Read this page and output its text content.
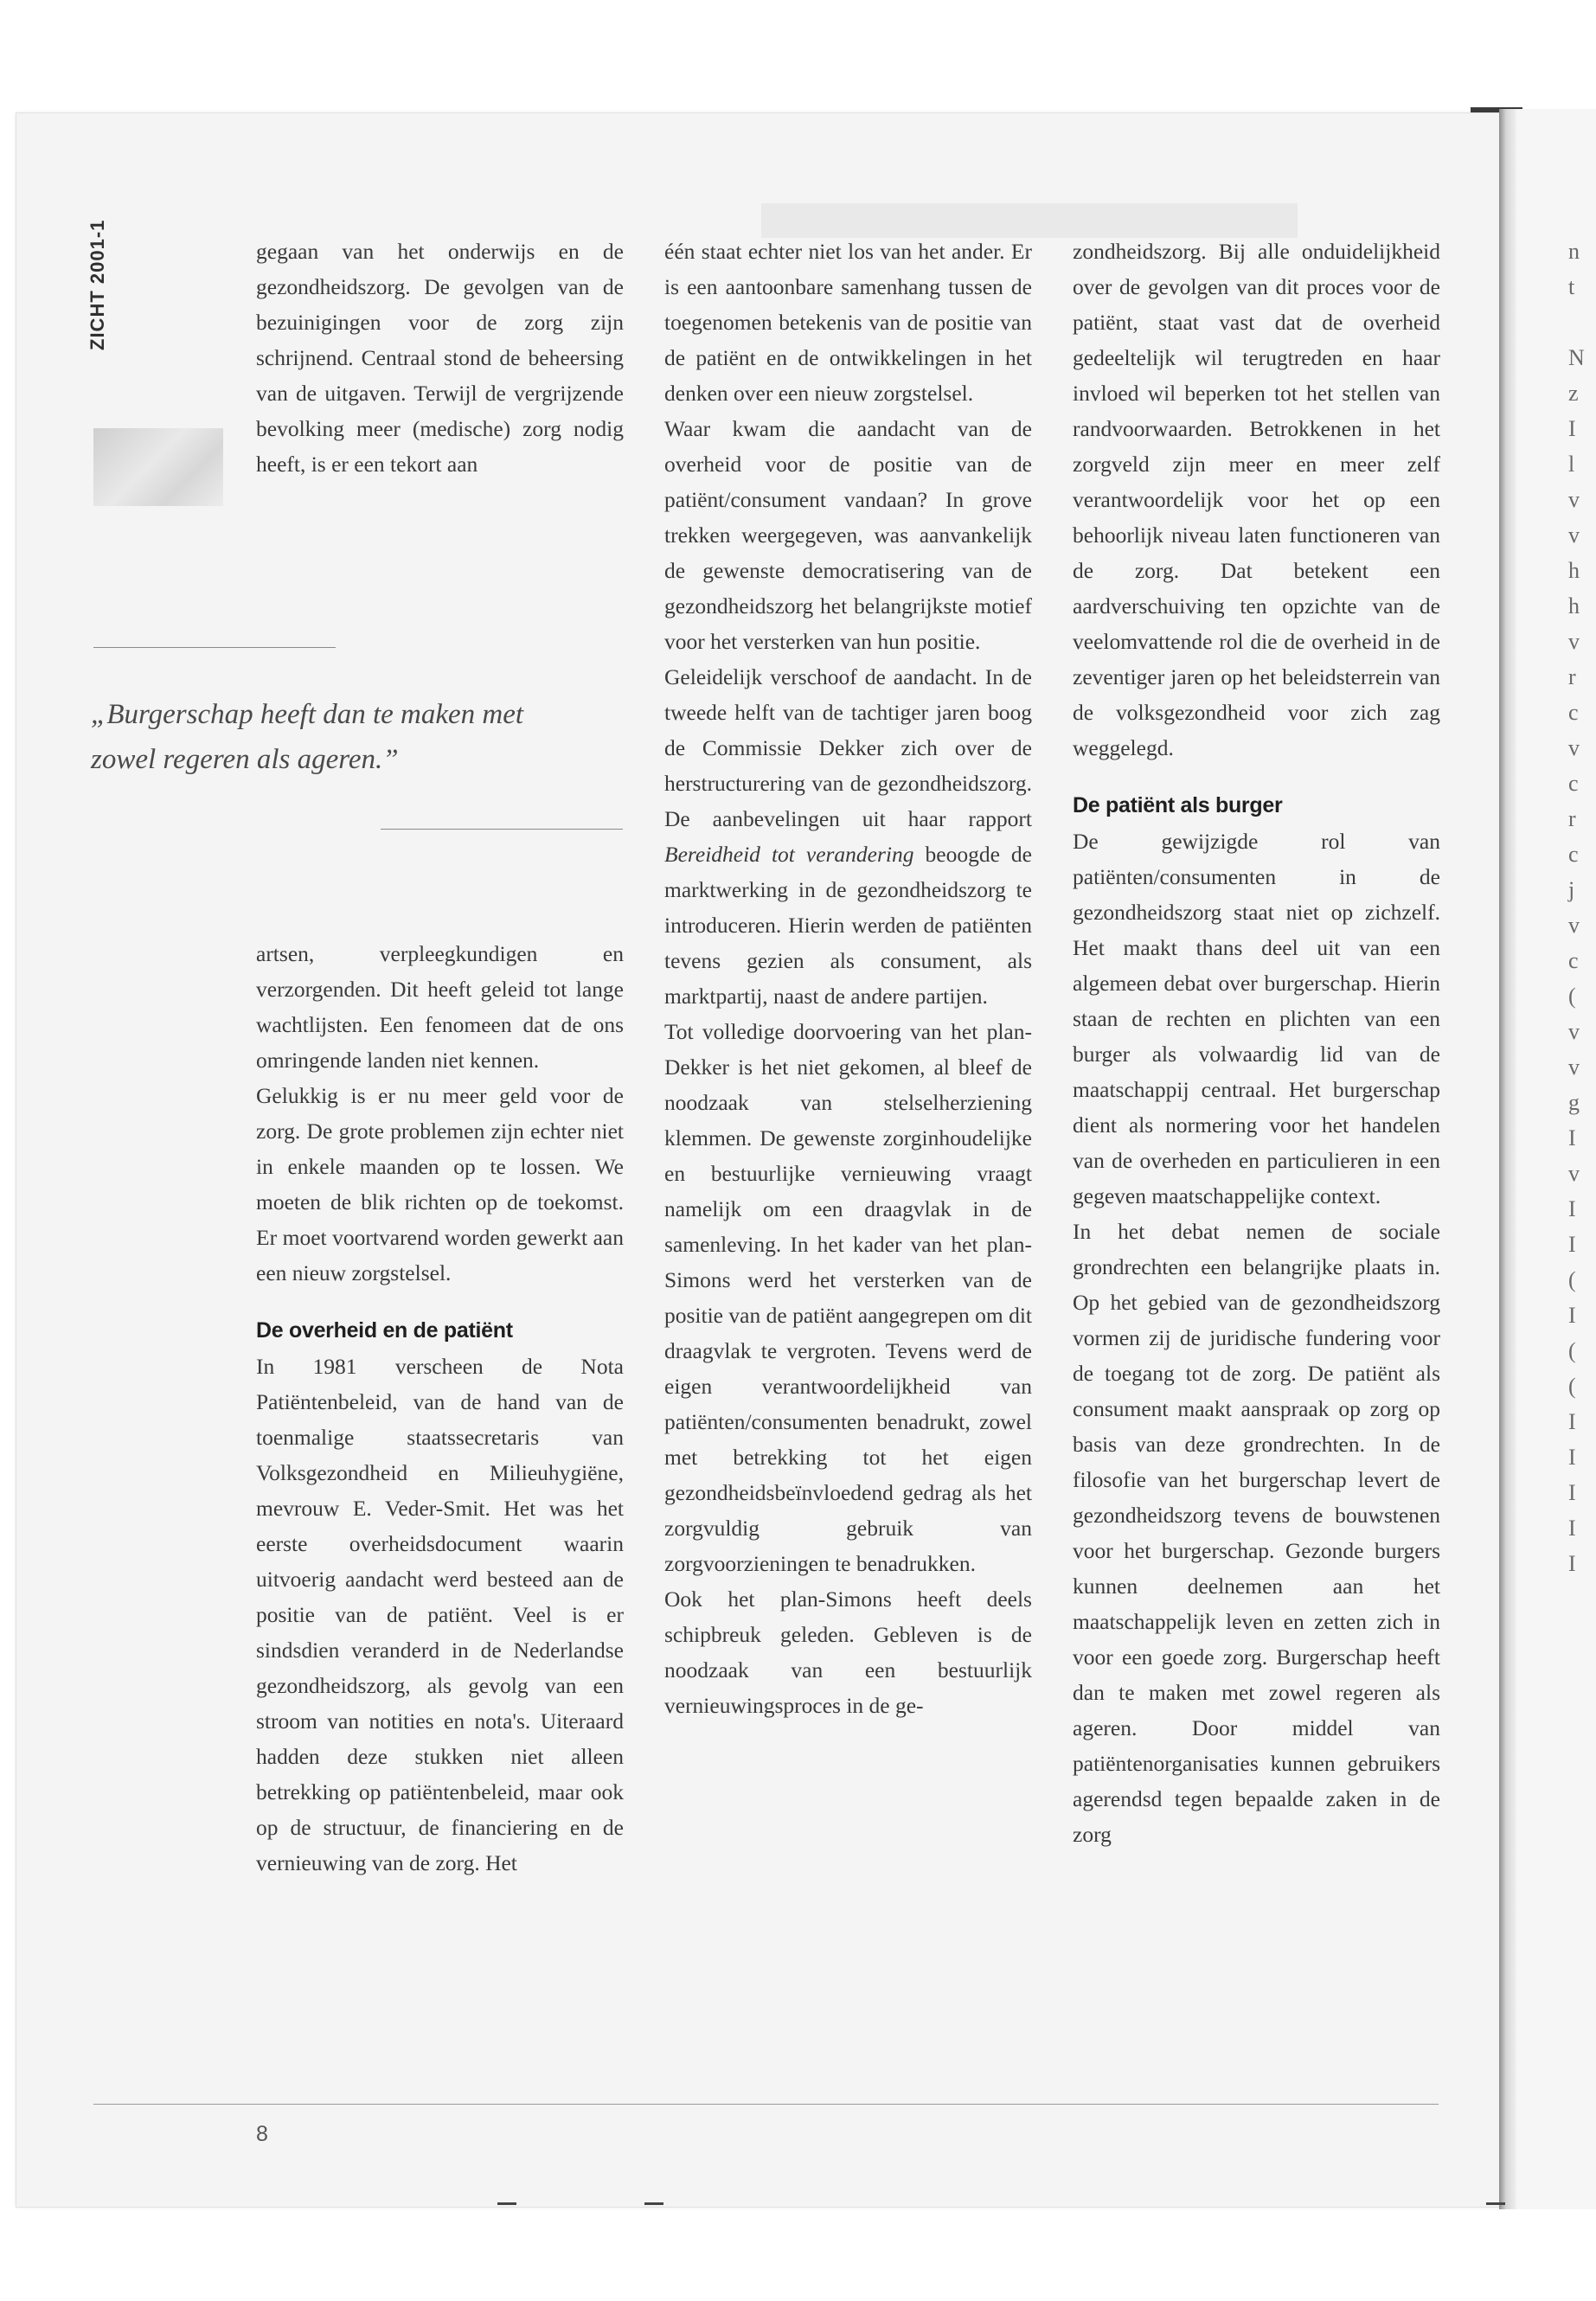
n
t
N
z
I
l
v
v
h
h
v
r
c
v
c
r
c
j
v
c
(
v
v
g
I
v
I
I
(
I
(
(
I
I
I
I
I
ZICHT 2001-1	gegaan van het onderwijs en de gezondheidszorg. De gevolgen van de bezuinigingen voor de zorg zijn schrijnend. Centraal stond de beheersing van de uitgaven. Terwijl de vergrijzende bevolking meer (medische) zorg nodig heeft, is er een tekort aan

„Burgerschap heeft dan te maken met
zowel regeren als ageren.”

artsen, verpleegkundigen en verzorgenden. Dit heeft geleid tot lange wachtlijsten. Een fenomeen dat de ons omringende landen niet kennen.

Gelukkig is er nu meer geld voor de zorg. De grote problemen zijn echter niet in enkele maanden op te lossen. We moeten de blik richten op de toekomst. Er moet voortvarend worden gewerkt aan een nieuw zorgstelsel.

De overheid en de patiënt

In 1981 verscheen de Nota Patiëntenbeleid, van de hand van de toenmalige staatssecretaris van Volksgezondheid en Milieuhygiëne, mevrouw E. Veder-Smit. Het was het eerste overheidsdocument waarin uitvoerig aandacht werd besteed aan de positie van de patiënt. Veel is er sindsdien veranderd in de Nederlandse gezondheidszorg, als gevolg van een stroom van notities en nota's. Uiteraard hadden deze stukken niet alleen betrekking op patiëntenbeleid, maar ook op de structuur, de financiering en de vernieuwing van de zorg. Het

één staat echter niet los van het ander. Er is een aantoonbare samenhang tussen de toegenomen betekenis van de positie van de patiënt en de ontwikkelingen in het denken over een nieuw zorgstelsel.

Waar kwam die aandacht van de overheid voor de positie van de patiënt/consument vandaan? In grove trekken weergegeven, was aanvankelijk de gewenste democratisering van de gezondheidszorg het belangrijkste motief voor het versterken van hun positie.

Geleidelijk verschoof de aandacht. In de tweede helft van de tachtiger jaren boog de Commissie Dekker zich over de herstructurering van de gezondheidszorg. De aanbevelingen uit haar rapport Bereidheid tot verandering beoogde de marktwerking in de gezondheidszorg te introduceren. Hierin werden de patiënten tevens gezien als consument, als marktpartij, naast de andere partijen.

Tot volledige doorvoering van het plan-Dekker is het niet gekomen, al bleef de noodzaak van stelselherziening klemmen. De gewenste zorginhoudelijke en bestuurlijke vernieuwing vraagt namelijk om een draagvlak in de samenleving. In het kader van het plan-Simons werd het versterken van de positie van de patiënt aangegrepen om dit draagvlak te vergroten. Tevens werd de eigen verantwoordelijkheid van patiënten/consumenten benadrukt, zowel met betrekking tot het eigen gezondheidsbeïnvloedend gedrag als het zorgvuldig gebruik van zorgvoorzieningen te benadrukken.

Ook het plan-Simons heeft deels schipbreuk geleden. Gebleven is de noodzaak van een bestuurlijk vernieuwingsproces in de ge-

zondheidszorg. Bij alle onduidelijkheid over de gevolgen van dit proces voor de patiënt, staat vast dat de overheid gedeeltelijk wil terugtreden en haar invloed wil beperken tot het stellen van randvoorwaarden. Betrokkenen in het zorgveld zijn meer en meer zelf verantwoordelijk voor het op een behoorlijk niveau laten functioneren van de zorg. Dat betekent een aardverschuiving ten opzichte van de veelomvattende rol die de overheid in de zeventiger jaren op het beleidsterrein van de volksgezondheid voor zich zag weggelegd.

De patiënt als burger

De gewijzigde rol van patiënten/consumenten in de gezondheidszorg staat niet op zichzelf. Het maakt thans deel uit van een algemeen debat over burgerschap. Hierin staan de rechten en plichten van een burger als volwaardig lid van de maatschappij centraal. Het burgerschap dient als normering voor het handelen van de overheden en particulieren in een gegeven maatschappelijke context.

In het debat nemen de sociale grondrechten een belangrijke plaats in. Op het gebied van de gezondheidszorg vormen zij de juridische fundering voor de toegang tot de zorg. De patiënt als consument maakt aanspraak op zorg op basis van deze grondrechten. In de filosofie van het burgerschap levert de gezondheidszorg tevens de bouwstenen voor het burgerschap. Gezonde burgers kunnen deelnemen aan het maatschappelijk leven en zetten zich in voor een goede zorg. Burgerschap heeft dan te maken met zowel regeren als ageren. Door middel van patiëntenorganisaties kunnen gebruikers agerendsd tegen bepaalde zaken in de zorg

8
